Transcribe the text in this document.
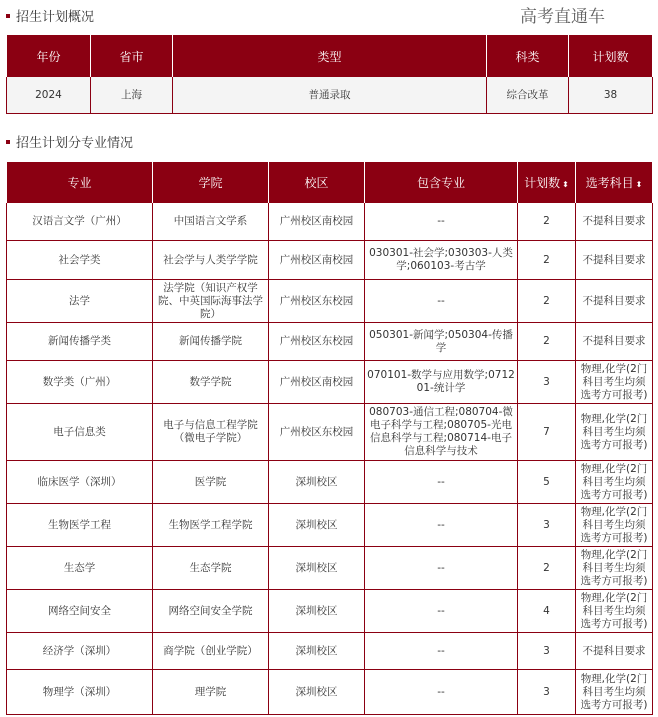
招生计划概况
年份	省市	类型	科类	计划数
2024	上海	普通录取	综合改革	38
招生计划分专业情况
专业	学院	校区	包含专业	计划数 ⬍	选考科目 ⬍
汉语言文学（广州）	中国语言文学系	广州校区南校园	--	2	不提科目要求
社会学类	社会学与人类学学院	广州校区南校园	030301-社会学;030303-人类学;060103-考古学	2	不提科目要求
法学	法学院（知识产权学院、中英国际海事法学院）	广州校区东校园	--	2	不提科目要求
新闻传播学类	新闻传播学院	广州校区东校园	050301-新闻学;050304-传播学	2	不提科目要求
数学类（广州）	数学学院	广州校区南校园	070101-数学与应用数学;071201-统计学	3	物理,化学(2门科目考生均须选考方可报考)
电子信息类	电子与信息工程学院（微电子学院）	广州校区东校园	080703-通信工程;080704-微电子科学与工程;080705-光电信息科学与工程;080714-电子信息科学与技术	7	物理,化学(2门科目考生均须选考方可报考)
临床医学（深圳）	医学院	深圳校区	--	5	物理,化学(2门科目考生均须选考方可报考)
生物医学工程	生物医学工程学院	深圳校区	--	3	物理,化学(2门科目考生均须选考方可报考)
生态学	生态学院	深圳校区	--	2	物理,化学(2门科目考生均须选考方可报考)
网络空间安全	网络空间安全学院	深圳校区	--	4	物理,化学(2门科目考生均须选考方可报考)
经济学（深圳）	商学院（创业学院）	深圳校区	--	3	不提科目要求
物理学（深圳）	理学院	深圳校区	--	3	物理,化学(2门科目考生均须选考方可报考)
高考直通车
